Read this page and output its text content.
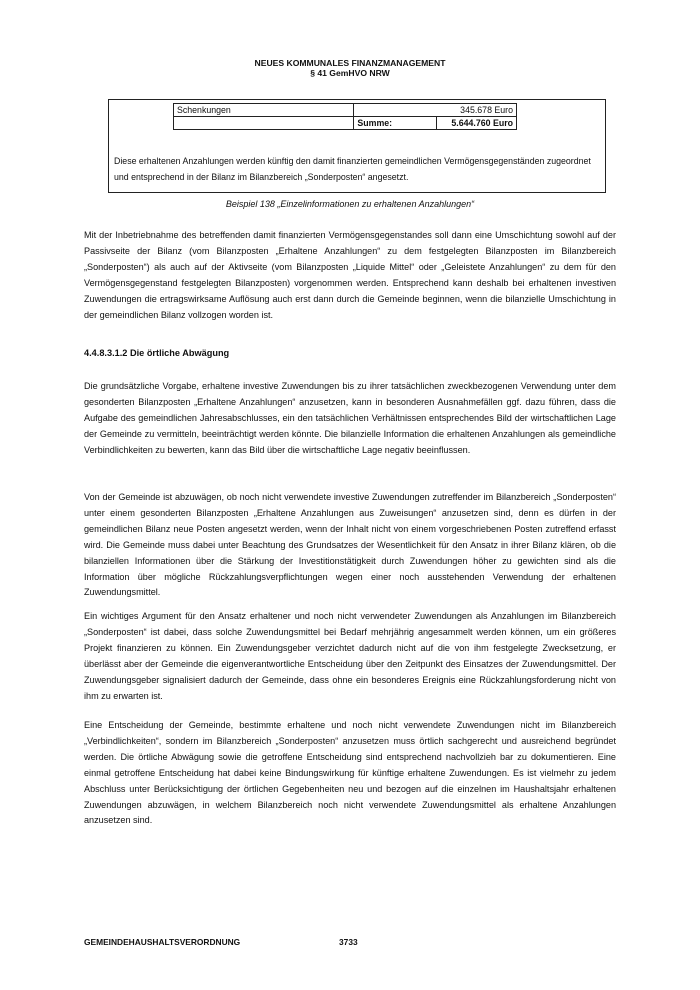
NEUES KOMMUNALES FINANZMANAGEMENT
§ 41 GemHVO NRW
Schenkungen		345.678 Euro
	Summe:	5.644.760 Euro
Diese erhaltenen Anzahlungen werden künftig den damit finanzierten gemeindlichen Vermögensgegenständen zugeordnet und entsprechend in der Bilanz im Bilanzbereich „Sonderposten“ angesetzt.
Beispiel 138 „Einzelinformationen zu erhaltenen Anzahlungen“

Mit der Inbetriebnahme des betreffenden damit finanzierten Vermögensgegenstandes soll dann eine Umschichtung sowohl auf der Passivseite der Bilanz (vom Bilanzposten „Erhaltene Anzahlungen“ zu dem festgelegten Bilanzposten im Bilanzbereich „Sonderposten“) als auch auf der Aktivseite (vom Bilanzposten „Liquide Mittel“ oder „Geleistete Anzahlungen“ zu dem für den Vermögensgegenstand festgelegten Bilanzposten) vorgenommen werden. Entsprechend kann deshalb bei erhaltenen investiven Zuwendungen die ertragswirksame Auflösung auch erst dann durch die Gemeinde beginnen, wenn die bilanzielle Umschichtung in der gemeindlichen Bilanz vollzogen worden ist.

4.4.8.3.1.2 Die örtliche Abwägung

Die grundsätzliche Vorgabe, erhaltene investive Zuwendungen bis zu ihrer tatsächlichen zweckbezogenen Verwendung unter dem gesonderten Bilanzposten „Erhaltene Anzahlungen“ anzusetzen, kann in besonderen Ausnahmefällen ggf. dazu führen, dass die Aufgabe des gemeindlichen Jahresabschlusses, ein den tatsächlichen Verhältnissen entsprechendes Bild der wirtschaftlichen Lage der Gemeinde zu vermitteln, beeinträchtigt werden könnte. Die bilanzielle Information die erhaltenen Anzahlungen als gemeindliche Verbindlichkeiten zu bewerten, kann das Bild über die wirtschaftliche Lage negativ beeinflussen.

Von der Gemeinde ist abzuwägen, ob noch nicht verwendete investive Zuwendungen zutreffender im Bilanzbereich „Sonderposten“ unter einem gesonderten Bilanzposten „Erhaltene Anzahlungen aus Zuweisungen“ anzusetzen sind, denn es dürfen in der gemeindlichen Bilanz neue Posten angesetzt werden, wenn der Inhalt nicht von einem vorgeschriebenen Posten zutreffend erfasst wird. Die Gemeinde muss dabei unter Beachtung des Grundsatzes der Wesentlichkeit für den Ansatz in ihrer Bilanz klären, ob die bilanziellen Informationen über die Stärkung der Investitionstätigkeit durch Zuwendungen höher zu gewichten sind als die Information über mögliche Rückzahlungsverpflichtungen wegen einer noch ausstehenden Verwendung der erhaltenen Zuwendungsmittel.

Ein wichtiges Argument für den Ansatz erhaltener und noch nicht verwendeter Zuwendungen als Anzahlungen im Bilanzbereich „Sonderposten“ ist dabei, dass solche Zuwendungsmittel bei Bedarf mehrjährig angesammelt werden können, um ein größeres Projekt finanzieren zu können. Ein Zuwendungsgeber verzichtet dadurch nicht auf die von ihm festgelegte Zwecksetzung, er überlässt aber der Gemeinde die eigenverantwortliche Entscheidung über den Zeitpunkt des Einsatzes der Zuwendungsmittel. Der Zuwendungsgeber signalisiert dadurch der Gemeinde, dass ohne ein besonderes Ereignis eine Rückzahlungsforderung nicht von ihm zu erwarten ist.

Eine Entscheidung der Gemeinde, bestimmte erhaltene und noch nicht verwendete Zuwendungen nicht im Bilanzbereich „Verbindlichkeiten“, sondern im Bilanzbereich „Sonderposten“ anzusetzen muss örtlich sachgerecht und ausreichend begründet werden. Die örtliche Abwägung sowie die getroffene Entscheidung sind entsprechend nachvollzieh bar zu dokumentieren. Eine einmal getroffene Entscheidung hat dabei keine Bindungswirkung für künftige erhaltene Zuwendungen. Es ist vielmehr zu jedem Abschluss unter Berücksichtigung der örtlichen Gegebenheiten neu und bezogen auf die einzelnen im Haushaltsjahr erhaltenen Zuwendungen abzuwägen, in welchem Bilanzbereich noch nicht verwendete Zuwendungsmittel als erhaltene Anzahlungen anzusetzen sind.

GEMEINDEHAUSHALTSVERORDNUNG	3733
